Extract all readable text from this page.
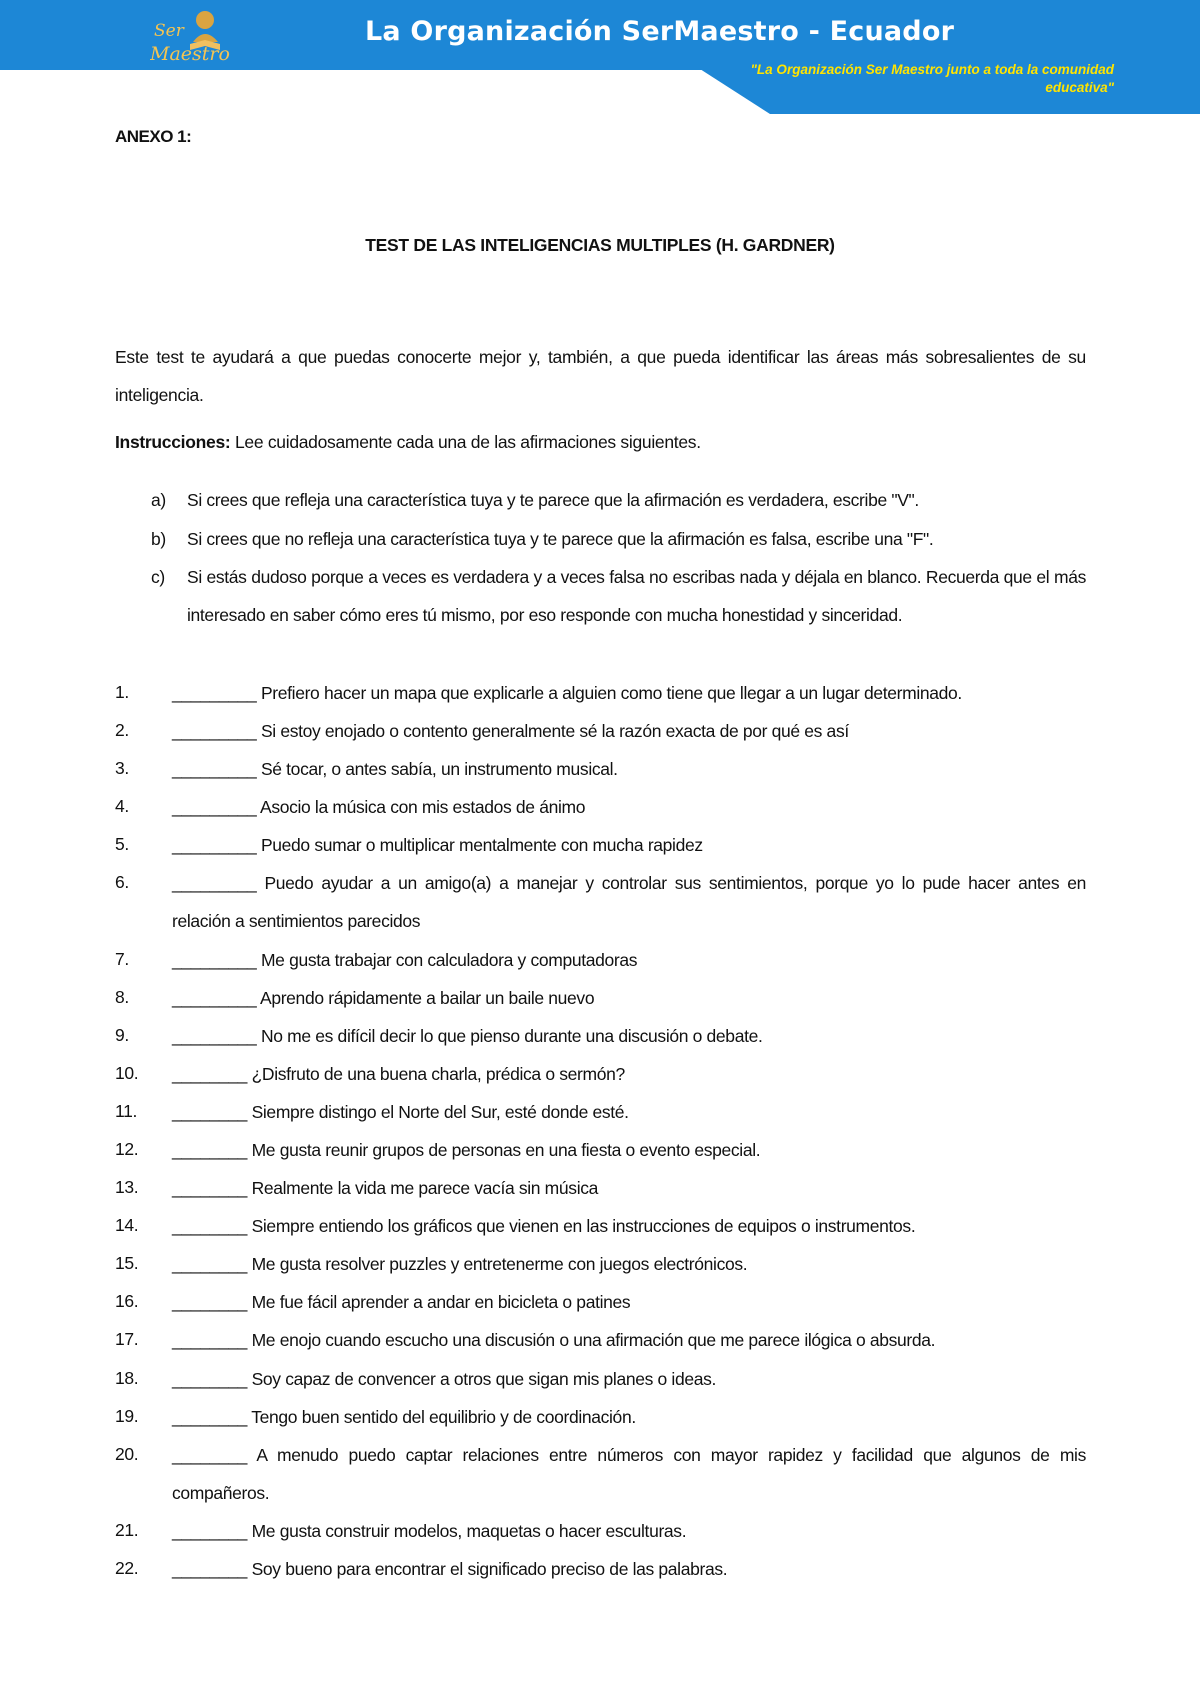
Ser
Maestro
La Organización SerMaestro - Ecuador
"La Organización Ser Maestro junto a toda la comunidad educativa"
ANEXO 1:
TEST DE LAS INTELIGENCIAS MULTIPLES (H. GARDNER)
Este test te ayudará a que puedas conocerte mejor y, también, a que pueda identificar las áreas más sobresalientes de su inteligencia.
Instrucciones: Lee cuidadosamente cada una de las afirmaciones siguientes.
a) Si crees que refleja una característica tuya y te parece que la afirmación es verdadera, escribe "V".
b) Si crees que no refleja una característica tuya y te parece que la afirmación es falsa, escribe una "F".
c) Si estás dudoso porque a veces es verdadera y a veces falsa no escribas nada y déjala en blanco. Recuerda que el más interesado en saber cómo eres tú mismo, por eso responde con mucha honestidad y sinceridad.
1. _________ Prefiero hacer un mapa que explicarle a alguien como tiene que llegar a un lugar determinado.
2. _________ Si estoy enojado o contento generalmente sé la razón exacta de por qué es así
3. _________ Sé tocar, o antes sabía, un instrumento musical.
4. _________ Asocio la música con mis estados de ánimo
5. _________ Puedo sumar o multiplicar mentalmente con mucha rapidez
6. _________ Puedo ayudar a un amigo(a) a manejar y controlar sus sentimientos, porque yo lo pude hacer antes en relación a sentimientos parecidos
7. _________ Me gusta trabajar con calculadora y computadoras
8. _________ Aprendo rápidamente a bailar un baile nuevo
9. _________ No me es difícil decir lo que pienso durante una discusión o debate.
10. ________ ¿Disfruto de una buena charla, prédica o sermón?
11. ________ Siempre distingo el Norte del Sur, esté donde esté.
12. ________ Me gusta reunir grupos de personas en una fiesta o evento especial.
13. ________ Realmente la vida me parece vacía sin música
14. ________ Siempre entiendo los gráficos que vienen en las instrucciones de equipos o instrumentos.
15. ________ Me gusta resolver puzzles y entretenerme con juegos electrónicos.
16. ________ Me fue fácil aprender a andar en bicicleta o patines
17. ________ Me enojo cuando escucho una discusión o una afirmación que me parece ilógica o absurda.
18. ________ Soy capaz de convencer a otros que sigan mis planes o ideas.
19. ________ Tengo buen sentido del equilibrio y de coordinación.
20. ________ A menudo puedo captar relaciones entre números con mayor rapidez y facilidad que algunos de mis compañeros.
21. ________ Me gusta construir modelos, maquetas o hacer esculturas.
22. ________ Soy bueno para encontrar el significado preciso de las palabras.
